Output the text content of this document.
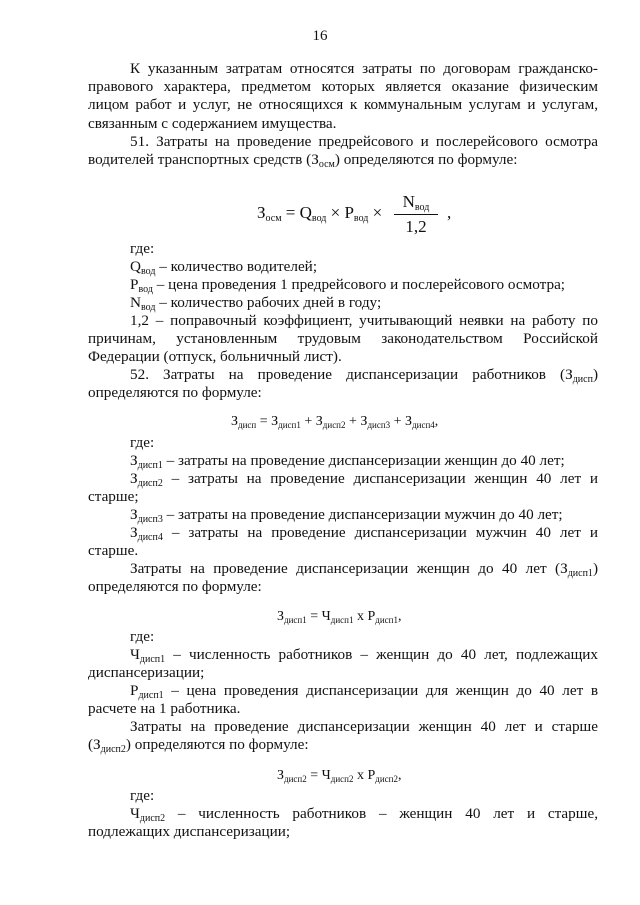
16
К указанным затратам относятся затраты по договорам гражданско-правового характера, предметом которых является оказание физическим лицом работ и услуг, не относящихся к коммунальным услугам и услугам, связанным с содержанием имущества.
51. Затраты на проведение предрейсового и послерейсового осмотра водителей транспортных средств $(З_{осм})$ определяются по формуле:
$З_{осм} = Q_{вод} \times P_{вод}$ ×
$N_{вод}$
1,2
,
где:
$Q_{вод}$ – количество водителей;
$P_{вод}$ – цена проведения 1 предрейсового и послерейсового осмотра;
$N_{вод}$ – количество рабочих дней в году;
1,2 – поправочный коэффициент, учитывающий неявки на работу по причинам, установленным трудовым законодательством Российской Федерации (отпуск, больничный лист).
52. Затраты на проведение диспансеризации работников $(З_{дисп})$ определяются по формуле:
$З_{дисп} = З_{дисп1} + З_{дисп2} + З_{дисп3} + З_{дисп4}$,
где:
$З_{дисп1}$ – затраты на проведение диспансеризации женщин до 40 лет;
$З_{дисп2}$ – затраты на проведение диспансеризации женщин 40 лет и старше;
$З_{дисп3}$ – затраты на проведение диспансеризации мужчин до 40 лет;
$З_{дисп4}$ – затраты на проведение диспансеризации мужчин 40 лет и старше.
Затраты на проведение диспансеризации женщин до 40 лет $(З_{дисп1})$ определяются по формуле:
$З_{дисп1} = Ч_{дисп1}$ x $P_{дисп1}$,
где:
$Ч_{дисп1}$ – численность работников – женщин до 40 лет, подлежащих диспансеризации;
$P_{дисп1}$ – цена проведения диспансеризации для женщин до 40 лет в расчете на 1 работника.
Затраты на проведение диспансеризации женщин 40 лет и старше $(З_{дисп2})$ определяются по формуле:
$З_{дисп2} = Ч_{дисп2}$ x $P_{дисп2}$,
где:
$Ч_{дисп2}$ – численность работников – женщин 40 лет и старше, подлежащих диспансеризации;
